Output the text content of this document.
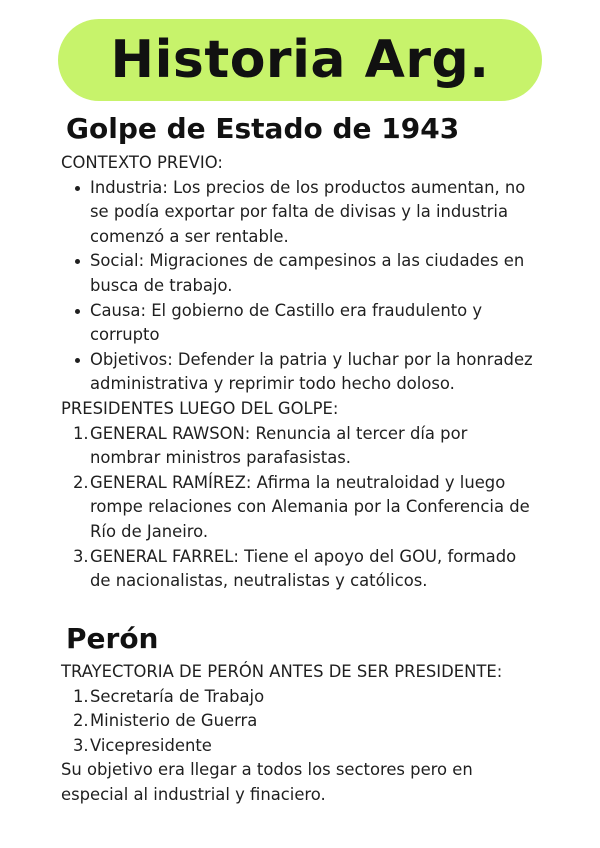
Historia Arg.
Golpe de Estado de 1943

CONTEXTO PREVIO:

Industria: Los precios de los productos aumentan, no se podía exportar por falta de divisas y la industria comenzó a ser rentable.
Social: Migraciones de campesinos a las ciudades en busca de trabajo.
Causa: El gobierno de Castillo era fraudulento y corrupto
Objetivos: Defender la patria y luchar por la honradez administrativa y reprimir todo hecho doloso.

PRESIDENTES LUEGO DEL GOLPE:

1. GENERAL RAWSON: Renuncia al tercer día por nombrar ministros parafasistas.
2. GENERAL RAMÍREZ: Afirma la neutraloidad y luego rompe relaciones con Alemania por la Conferencia de Río de Janeiro.
3. GENERAL FARREL: Tiene el apoyo del GOU, formado de nacionalistas, neutralistas y católicos.
Perón

TRAYECTORIA DE PERÓN ANTES DE SER PRESIDENTE:

1. Secretaría de Trabajo
2. Ministerio de Guerra
3. Vicepresidente

Su objetivo era llegar a todos los sectores pero en especial al industrial y finaciero.
